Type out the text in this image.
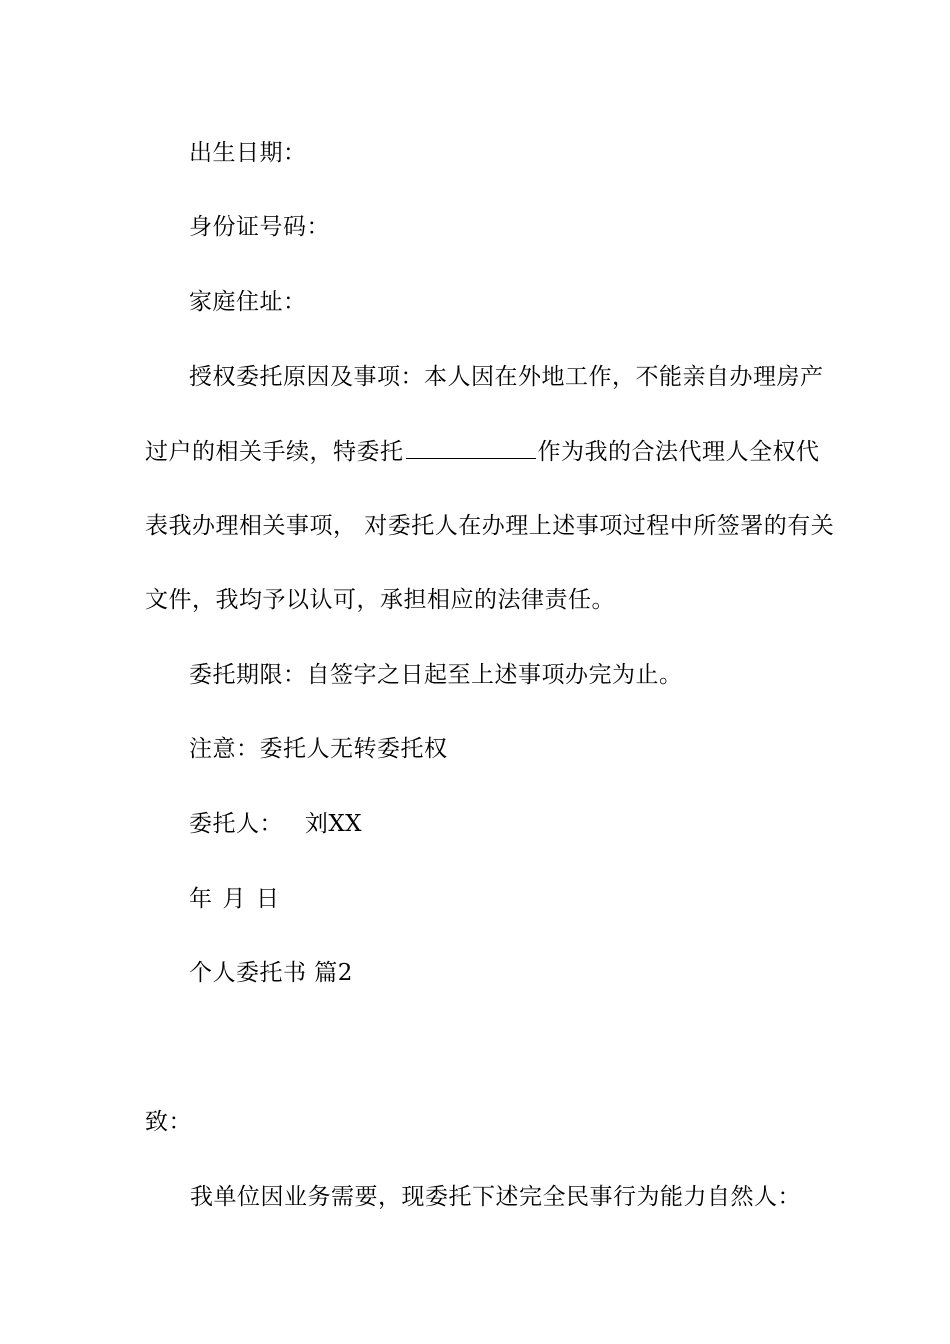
出生日期：
身份证号码：
家庭住址：
授权委托原因及事项：本人因在外地工作，不能亲自办理房产
过户的相关手续，特委托	作为我的合法代理人全权代
表我办理相关事项， 对委托人在办理上述事项过程中所签署的有关
文件，我均予以认可，承担相应的法律责任。
委托期限：自签字之日起至上述事项办完为止。
注意：委托人无转委托权
委托人： 刘XX
年 月 日
个人委托书 篇2
致：
我单位因业务需要，现委托下述完全民事行为能力自然人：
